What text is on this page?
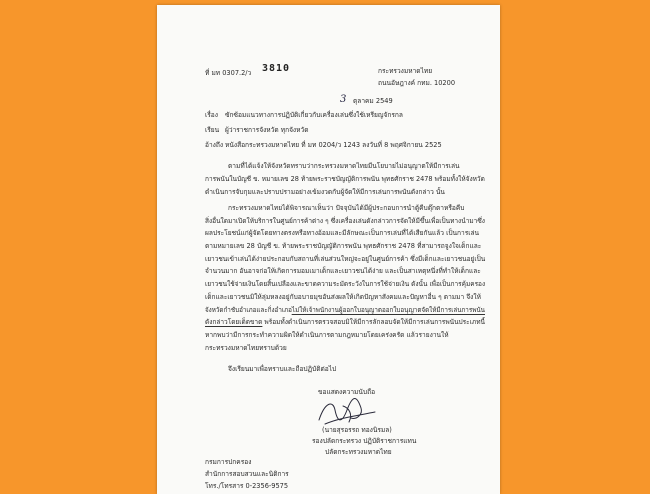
ที่ มท 0307.2/ว 3810	กระทรวงมหาดไทย
ถนนอัษฎางค์ กทม. 10200
3 ตุลาคม 2549
เรื่อง ซักซ้อมแนวทางการปฏิบัติเกี่ยวกับเครื่องเล่นซึ่งใช้เหรียญจักรกล
เรียน ผู้ว่าราชการจังหวัด ทุกจังหวัด
อ้างถึง หนังสือกระทรวงมหาดไทย ที่ มท 0204/ว 1243 ลงวันที่ 8 พฤศจิกายน 2525
ตามที่ได้แจ้งให้จังหวัดทราบว่ากระทรวงมหาดไทยมีนโยบายไม่อนุญาตให้มีการเล่น
การพนันในบัญชี ข. หมายเลข 28 ท้ายพระราชบัญญัติการพนัน พุทธศักราช 2478 พร้อมทั้งให้จังหวัด
ดำเนินการจับกุมและปราบปรามอย่างเข้มงวดกับผู้จัดให้มีการเล่นการพนันดังกล่าว นั้น
กระทรวงมหาดไทยได้พิจารณาเห็นว่า ปัจจุบันได้มีผู้ประกอบการนำตู้คีบตุ๊กตาหรือคีบ
สิ่งอื่นใดมาเปิดให้บริการในศูนย์การค้าต่าง ๆ ซึ่งเครื่องเล่นดังกล่าวการจัดให้มีขึ้นเพื่อเป็นทางนำมาซึ่ง
ผลประโยชน์แก่ผู้จัดโดยทางตรงหรือทางอ้อมและมีลักษณะเป็นการเล่นที่ได้เสียกันแล้ว เป็นการเล่น
ตามหมายเลข 28 บัญชี ข. ท้ายพระราชบัญญัติการพนัน พุทธศักราช 2478 ที่สามารถจูงใจเด็กและ
เยาวชนเข้าเล่นได้ง่ายประกอบกับสถานที่เล่นส่วนใหญ่จะอยู่ในศูนย์การค้า ซึ่งมีเด็กและเยาวชนอยู่เป็น
จำนวนมาก อันอาจก่อให้เกิดการมอมเมาเด็กและเยาวชนได้ง่าย และเป็นสาเหตุหนึ่งที่ทำให้เด็กและ
เยาวชนใช้จ่ายเงินโดยสิ้นเปลืองและขาดความระมัดระวังในการใช้จ่ายเงิน ดังนั้น เพื่อเป็นการคุ้มครอง
เด็กและเยาวชนมิให้ลุ่มหลงอยู่กับอบายมุขอันส่งผลให้เกิดปัญหาสังคมและปัญหาอื่น ๆ ตามมา จึงให้
จังหวัดกำชับอำเภอและกิ่งอำเภอไม่ให้เจ้าพนักงานผู้ออกใบอนุญาตออกใบอนุญาตจัดให้มีการเล่นการพนัน
ดังกล่าวโดยเด็ดขาด พร้อมทั้งดำเนินการตรวจสอบมิให้มีการลักลอบจัดให้มีการเล่นการพนันประเภทนี้
หากพบว่ามีการกระทำความผิดให้ดำเนินการตามกฎหมายโดยเคร่งครัด แล้วรายงานให้
กระทรวงมหาดไทยทราบด้วย
จึงเรียนมาเพื่อทราบและถือปฏิบัติต่อไป
ขอแสดงความนับถือ
(นายสุรอรรถ ทองนิรมล)
รองปลัดกระทรวง ปฏิบัติราชการแทน
ปลัดกระทรวงมหาดไทย
กรมการปกครอง
สำนักการสอบสวนและนิติการ
โทร./โทรสาร 0-2356-9575
